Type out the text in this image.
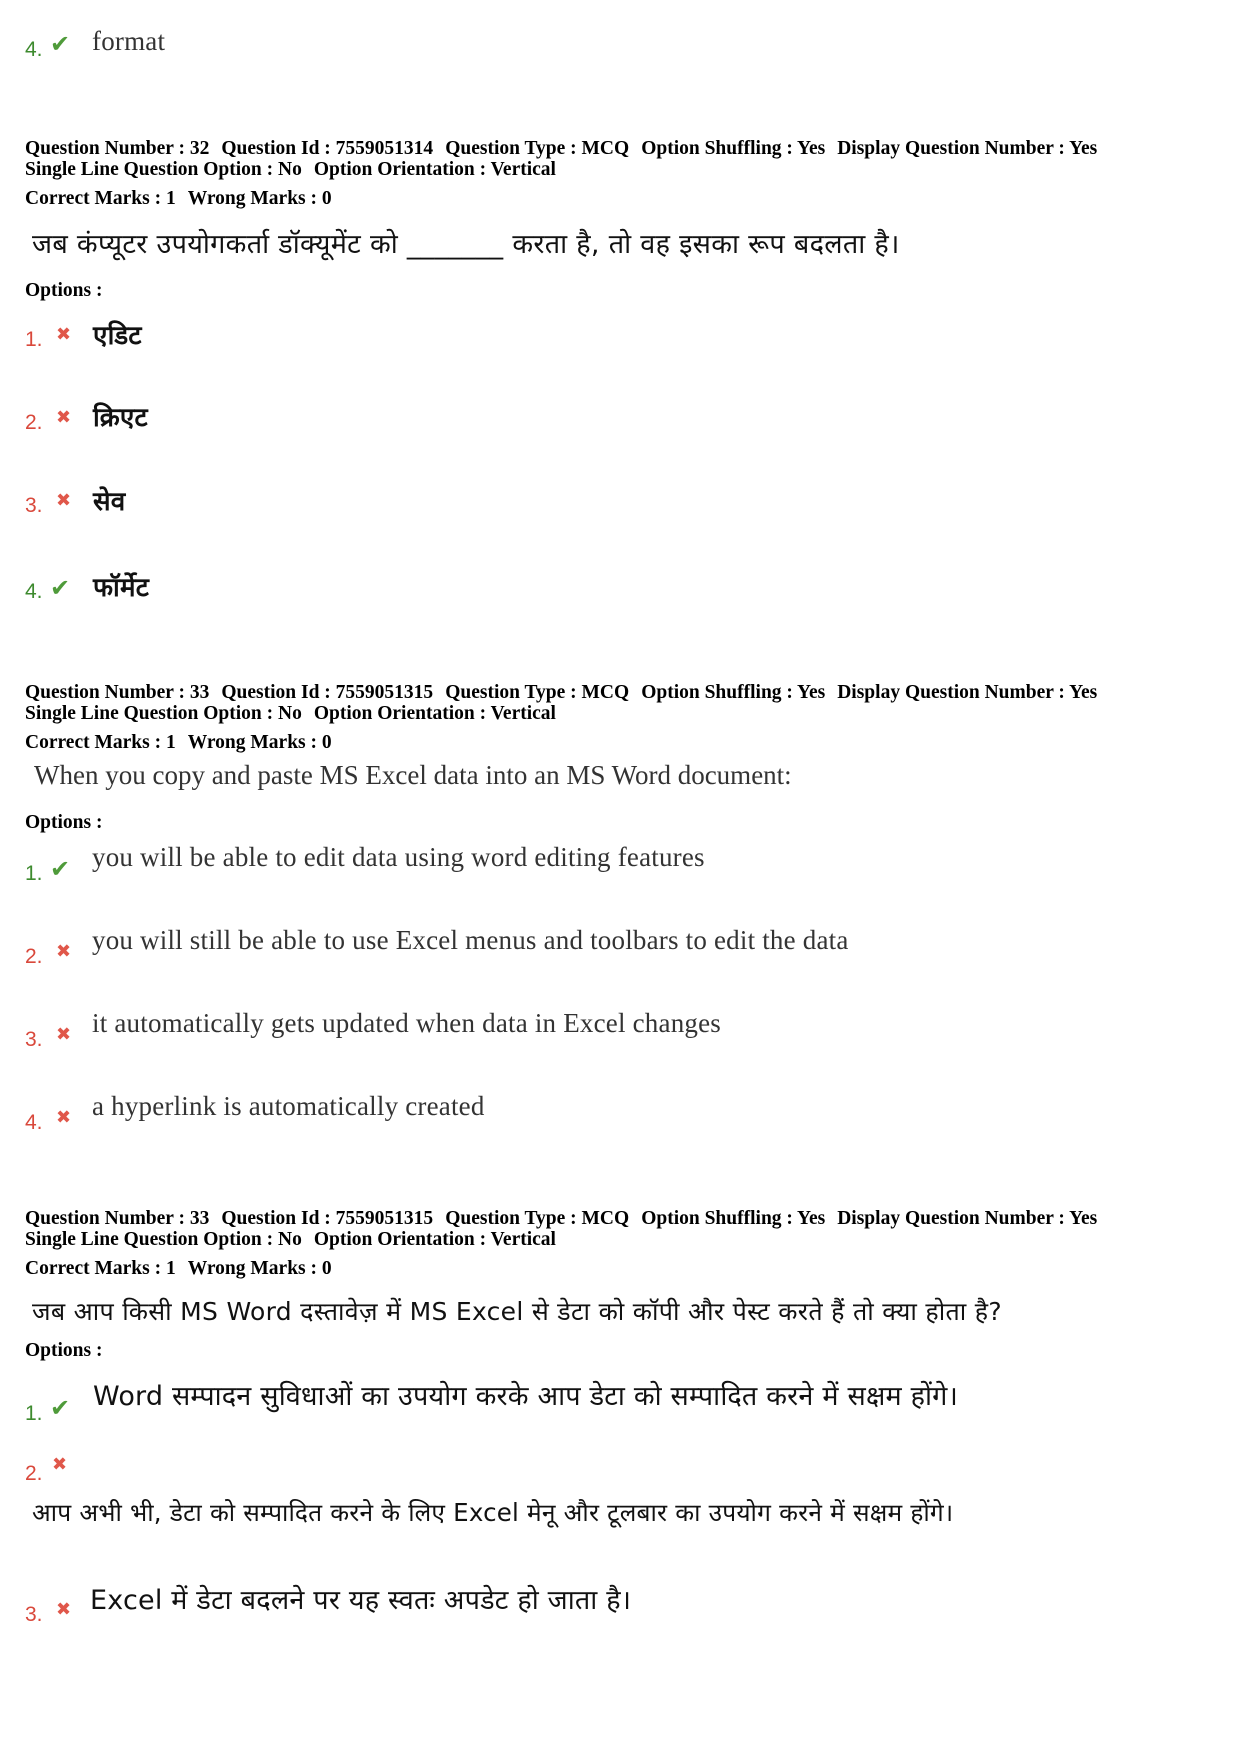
4. ✔ format
Question Number : 32 Question Id : 7559051314 Question Type : MCQ Option Shuffling : Yes Display Question Number : Yes
Single Line Question Option : No Option Orientation : Vertical
Correct Marks : 1 Wrong Marks : 0
जब कंप्यूटर उपयोगकर्ता डॉक्यूमेंट को _______ करता है, तो वह इसका रूप बदलता है।
Options :
1. ✖ एडिट
2. ✖ क्रिएट
3. ✖ सेव
4. ✔ फॉर्मेट
Question Number : 33 Question Id : 7559051315 Question Type : MCQ Option Shuffling : Yes Display Question Number : Yes
Single Line Question Option : No Option Orientation : Vertical
Correct Marks : 1 Wrong Marks : 0
When you copy and paste MS Excel data into an MS Word document:
Options :
1. ✔ you will be able to edit data using word editing features
2. ✖ you will still be able to use Excel menus and toolbars to edit the data
3. ✖ it automatically gets updated when data in Excel changes
4. ✖ a hyperlink is automatically created
Question Number : 33 Question Id : 7559051315 Question Type : MCQ Option Shuffling : Yes Display Question Number : Yes
Single Line Question Option : No Option Orientation : Vertical
Correct Marks : 1 Wrong Marks : 0
जब आप किसी MS Word दस्तावेज़ में MS Excel से डेटा को कॉपी और पेस्ट करते हैं तो क्या होता है?
Options :
1. ✔ Word सम्पादन सुविधाओं का उपयोग करके आप डेटा को सम्पादित करने में सक्षम होंगे।
2. ✖
आप अभी भी, डेटा को सम्पादित करने के लिए Excel मेनू और टूलबार का उपयोग करने में सक्षम होंगे।
3. ✖ Excel में डेटा बदलने पर यह स्वतः अपडेट हो जाता है।
